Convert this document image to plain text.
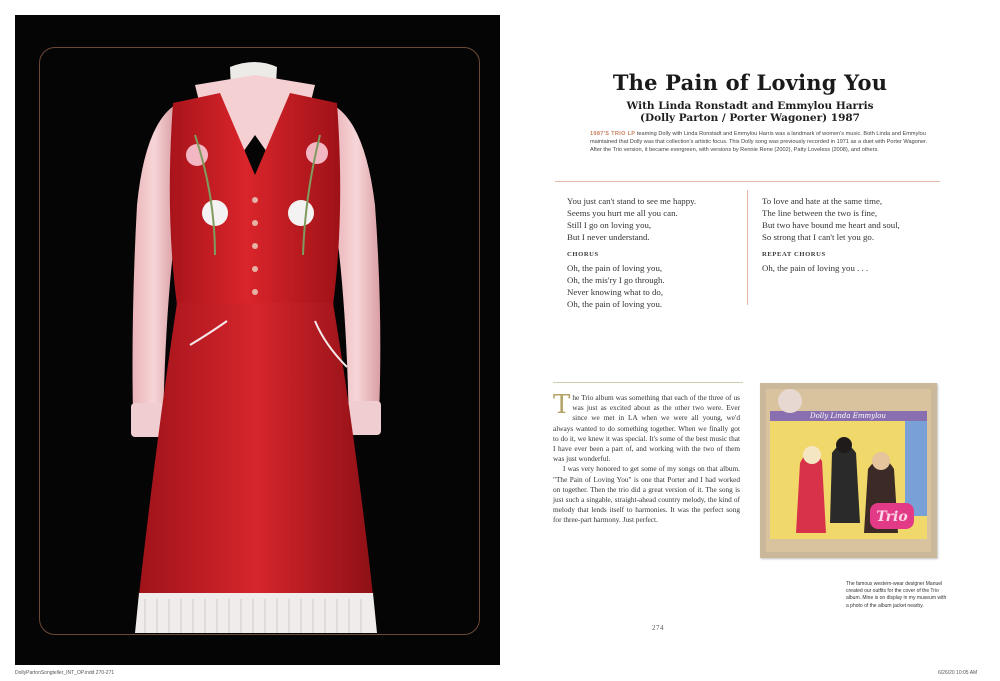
The Pain of Loving You
With Linda Ronstadt and Emmylou Harris
(Dolly Parton / Porter Wagoner) 1987
1987'S TRIO LP teaming Dolly with Linda Ronstadt and Emmylou Harris was a landmark of women's music. Both Linda and Emmylou maintained that Dolly was that collection's artistic focus. This Dolly song was previously recorded in 1971 as a duet with Porter Wagoner. After the Trio version, it became evergreen, with versions by Rennie Rene (2002), Patty Loveless (2008), and others.
You just can't stand to see me happy.
Seems you hurt me all you can.
Still I go on loving you,
But I never understand.
CHORUS
Oh, the pain of loving you,
Oh, the mis'ry I go through.
Never knowing what to do,
Oh, the pain of loving you.
To love and hate at the same time,
The line between the two is fine,
But two have bound me heart and soul,
So strong that I can't let you go.
REPEAT CHORUS
Oh, the pain of loving you . . .

The Trio album was something that each of the three of us was just as excited about as the other two were. Ever since we met in LA when we were all young, we'd always wanted to do something together. When we finally got to do it, we knew it was special. It's some of the best music that I have ever been a part of, and working with the two of them was just wonderful.

I was very honored to get some of my songs on that album. "The Pain of Loving You" is one that Porter and I had worked on together. Then the trio did a great version of it. The song is just such a singable, straight-ahead country melody, the kind of melody that lends itself to harmonies. It was the perfect song for three-part harmony. Just perfect.	Trio
Dolly Linda Emmylou
The famous western-wear designer Manuel created our outfits for the cover of the Trio album. Mine is on display in my museum with a photo of the album jacket nearby.
274
DollyPartonSongteller_INT_OP.indd 270-271	6/26/20 10:05 AM
